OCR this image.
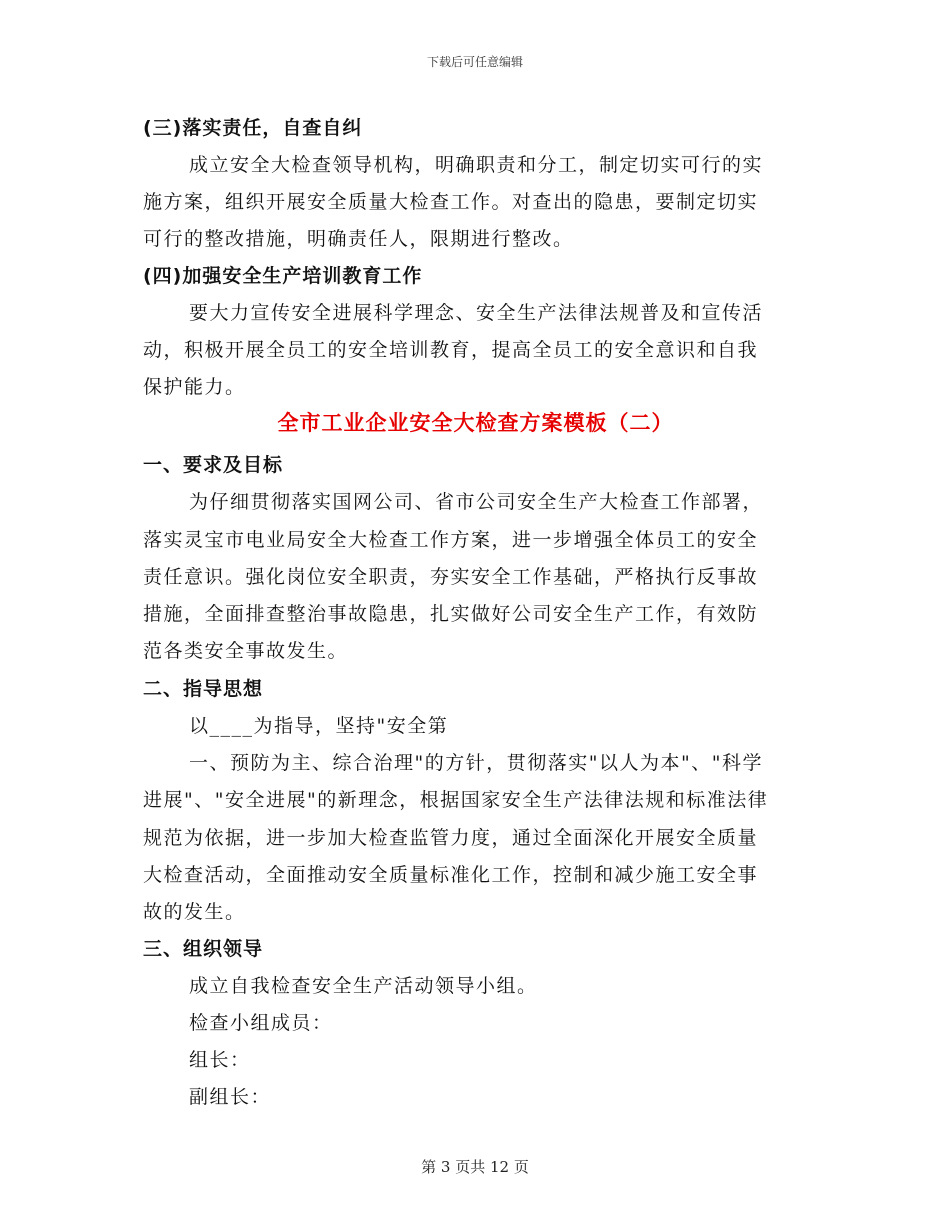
下载后可任意编辑
(三)落实责任，自查自纠
成立安全大检查领导机构，明确职责和分工，制定切实可行的实
施方案，组织开展安全质量大检查工作。对查出的隐患，要制定切实
可行的整改措施，明确责任人，限期进行整改。
(四)加强安全生产培训教育工作
要大力宣传安全进展科学理念、安全生产法律法规普及和宣传活
动，积极开展全员工的安全培训教育，提高全员工的安全意识和自我
保护能力。
全市工业企业安全大检查方案模板（二）
一、要求及目标
为仔细贯彻落实国网公司、省市公司安全生产大检查工作部署，
落实灵宝市电业局安全大检查工作方案，进一步增强全体员工的安全
责任意识。强化岗位安全职责，夯实安全工作基础，严格执行反事故
措施，全面排查整治事故隐患，扎实做好公司安全生产工作，有效防
范各类安全事故发生。
二、指导思想
以____为指导，坚持"安全第
一、预防为主、综合治理"的方针，贯彻落实"以人为本"、"科学
进展"、"安全进展"的新理念，根据国家安全生产法律法规和标准法律
规范为依据，进一步加大检查监管力度，通过全面深化开展安全质量
大检查活动，全面推动安全质量标准化工作，控制和减少施工安全事
故的发生。
三、组织领导
成立自我检查安全生产活动领导小组。
检查小组成员：
组长：
副组长：
第 3 页共 12 页
